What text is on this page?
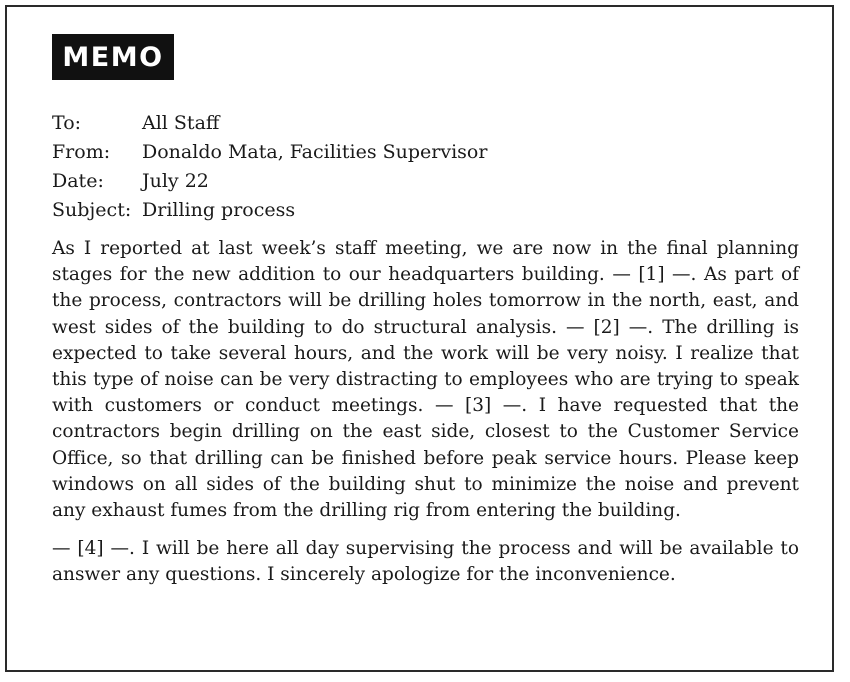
MEMO
To:	All Staff
From:	Donaldo Mata, Facilities Supervisor
Date:	July 22
Subject: Drilling process

As I reported at last week’s staff meeting, we are now in the final planning stages for the new addition to our headquarters building. — [1] —. As part of the process, contractors will be drilling holes tomorrow in the north, east, and west sides of the building to do structural analysis. — [2] —. The drilling is expected to take several hours, and the work will be very noisy. I realize that this type of noise can be very distracting to employees who are trying to speak with customers or conduct meetings. — [3] —. I have requested that the contractors begin drilling on the east side, closest to the Customer Service Office, so that drilling can be finished before peak service hours. Please keep windows on all sides of the building shut to minimize the noise and prevent any exhaust fumes from the drilling rig from entering the building.

— [4] —. I will be here all day supervising the process and will be available to answer any questions. I sincerely apologize for the inconvenience.
